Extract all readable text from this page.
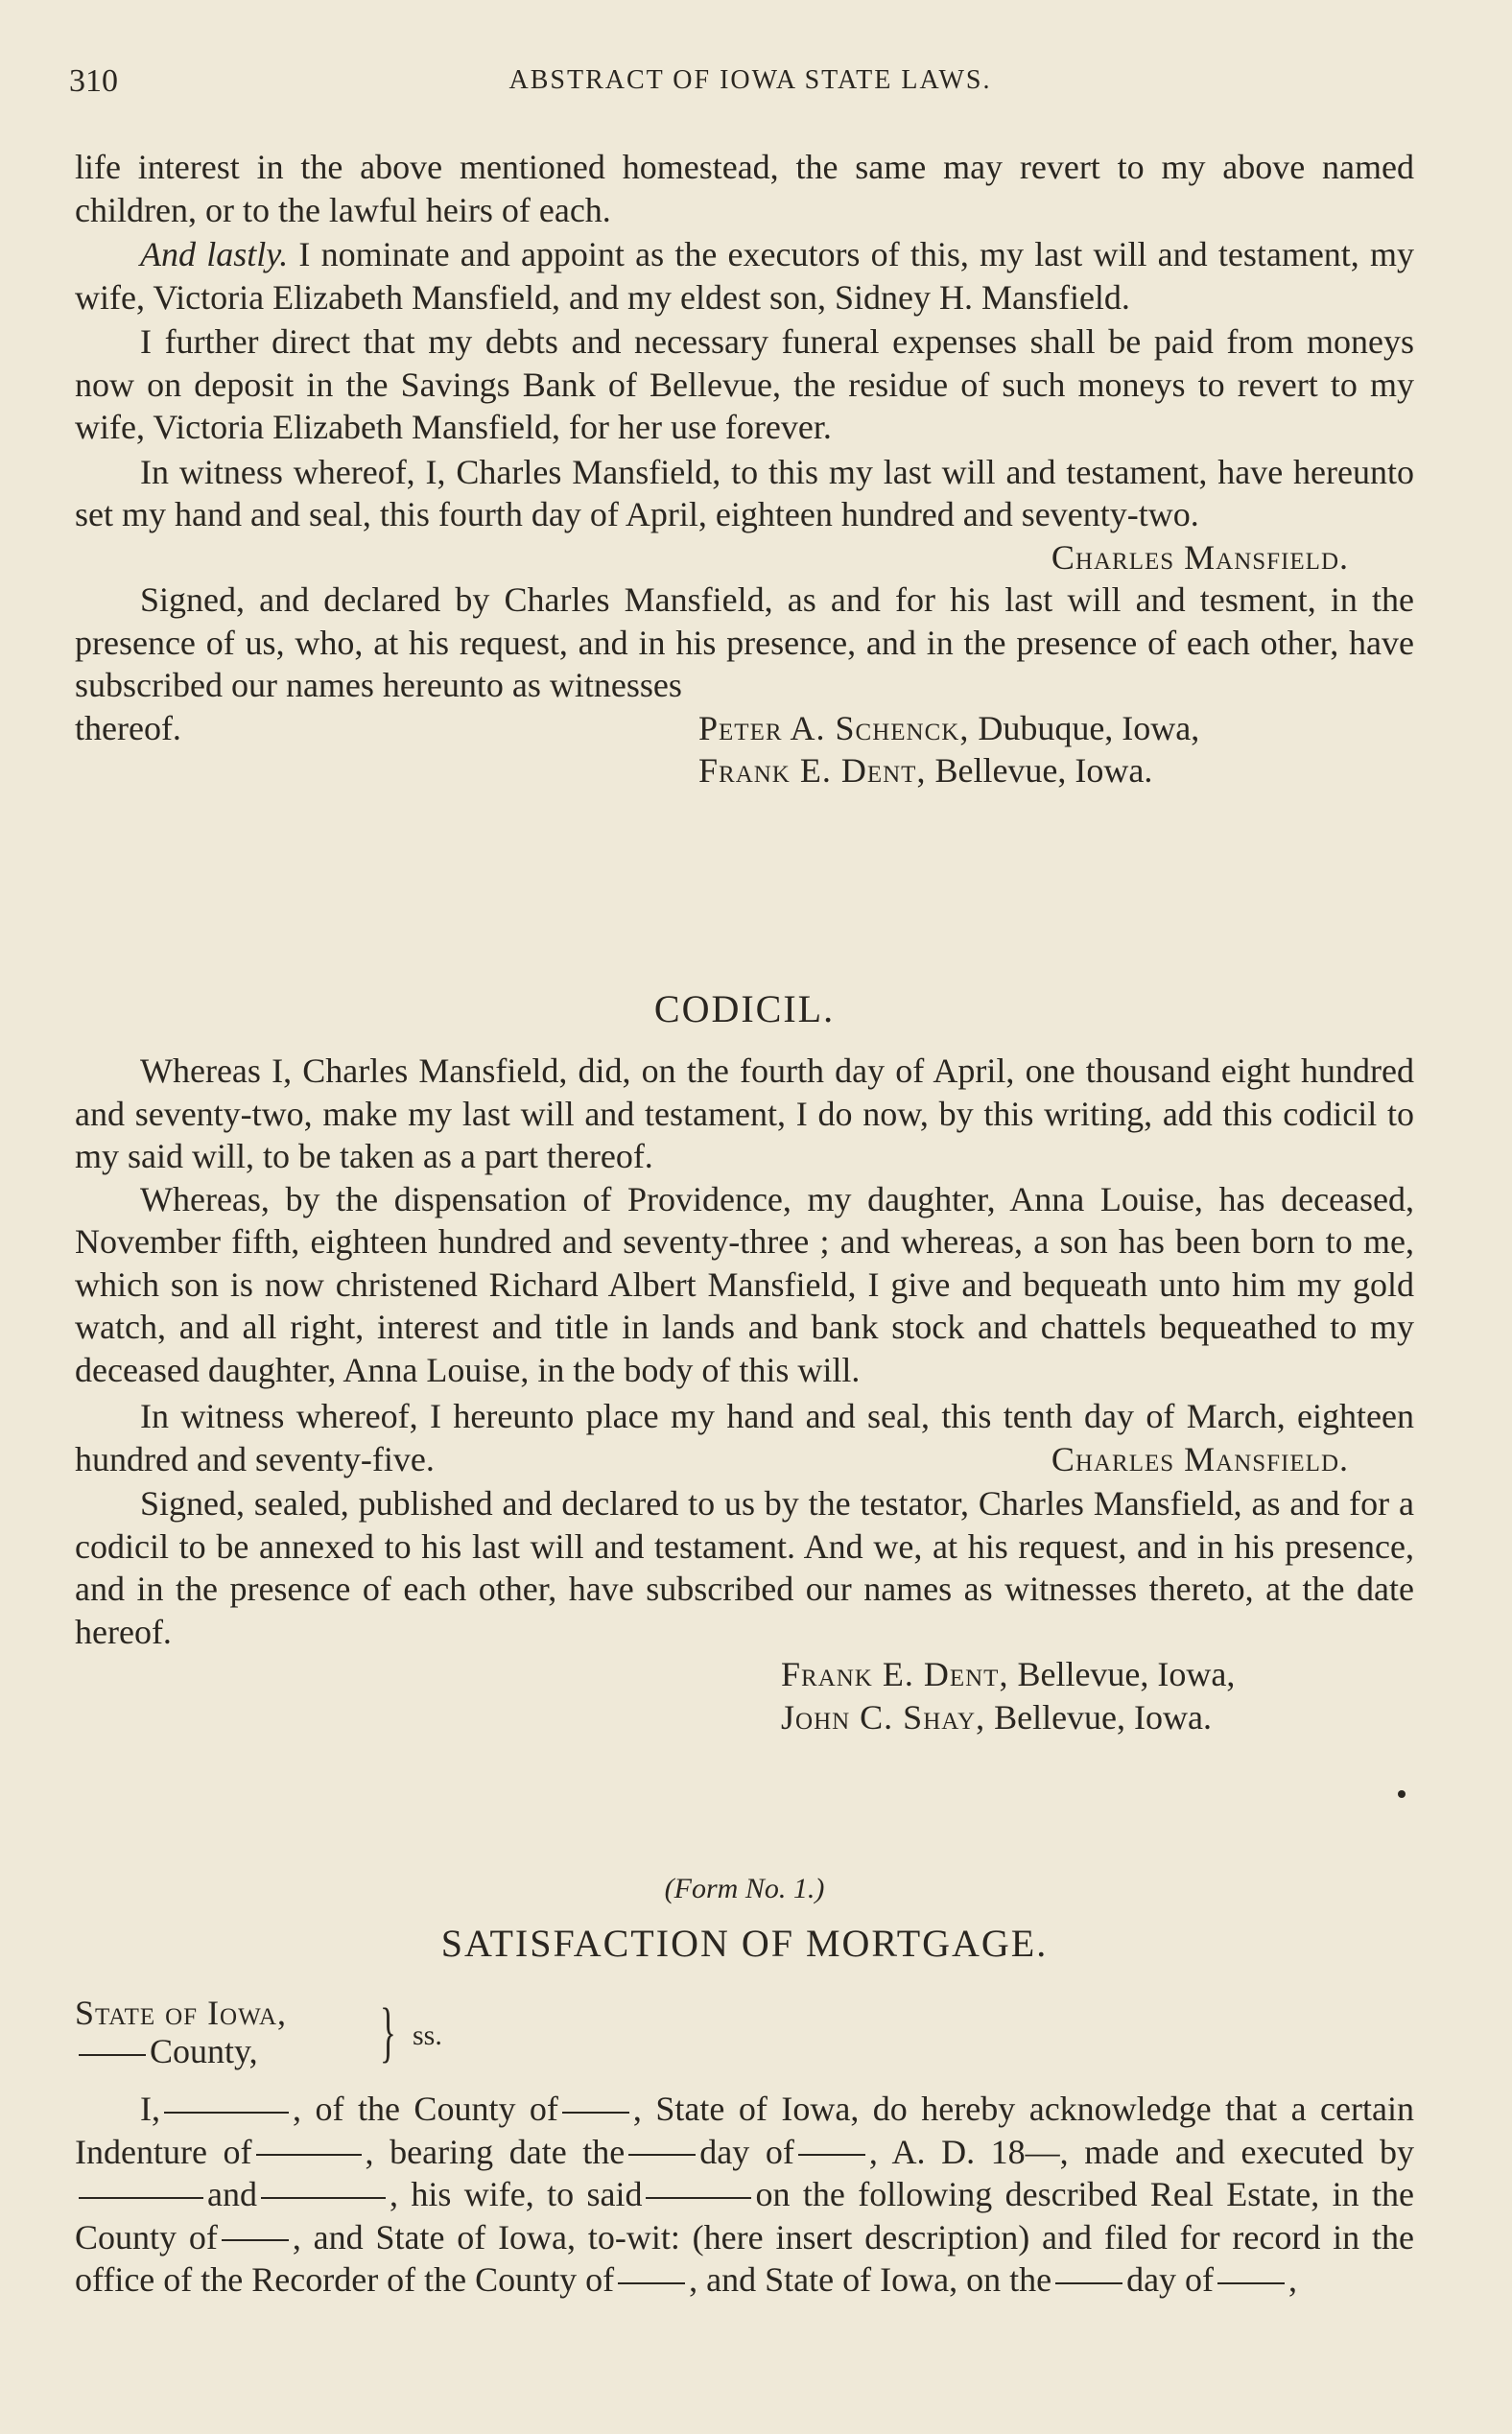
310	ABSTRACT OF IOWA STATE LAWS.

life interest in the above mentioned homestead, the same may revert to my above named children, or to the lawful heirs of each.

And lastly. I nominate and appoint as the executors of this, my last will and testament, my wife, Victoria Elizabeth Mansfield, and my eldest son, Sidney H. Mansfield.

I further direct that my debts and necessary funeral expenses shall be paid from moneys now on deposit in the Savings Bank of Bellevue, the residue of such moneys to revert to my wife, Victoria Elizabeth Mansfield, for her use forever.

In witness whereof, I, Charles Mansfield, to this my last will and testament, have hereunto set my hand and seal, this fourth day of April, eighteen hundred and seventy-two.

Charles Mansfield.

Signed, and declared by Charles Mansfield, as and for his last will and tesment, in the presence of us, who, at his request, and in his presence, and in the presence of each other, have subscribed our names hereunto as witnesses

thereof.	Peter A. Schenck, Dubuque, Iowa,
Frank E. Dent, Bellevue, Iowa.
CODICIL.

Whereas I, Charles Mansfield, did, on the fourth day of April, one thousand eight hundred and seventy-two, make my last will and testament, I do now, by this writing, add this codicil to my said will, to be taken as a part thereof.

Whereas, by the dispensation of Providence, my daughter, Anna Louise, has deceased, November fifth, eighteen hundred and seventy-three ; and whereas, a son has been born to me, which son is now christened Richard Albert Mansfield, I give and bequeath unto him my gold watch, and all right, interest and title in lands and bank stock and chattels bequeathed to my deceased daughter, Anna Louise, in the body of this will.

In witness whereof, I hereunto place my hand and seal, this tenth day of March, eighteen hundred and seventy-five.	Charles Mansfield.

Signed, sealed, published and declared to us by the testator, Charles Mansfield, as and for a codicil to be annexed to his last will and testament. And we, at his request, and in his presence, and in the presence of each other, have subscribed our names as witnesses thereto, at the date hereof.

Frank E. Dent, Bellevue, Iowa,
John C. Shay, Bellevue, Iowa.
(Form No. 1.)
SATISFACTION OF MORTGAGE.
State of Iowa,
County,	} ss.

I,	, of the County of , State of Iowa, do hereby acknowledge that a certain Indenture of	, bearing date the day of , A. D. 18—, made and executed byand	, his wife, to said	on the following described Real Estate, in the County of , and State of Iowa, to-wit: (here insert description) and filed for record in the office of the Recorder of the County of , and State of Iowa, on the day of ,
